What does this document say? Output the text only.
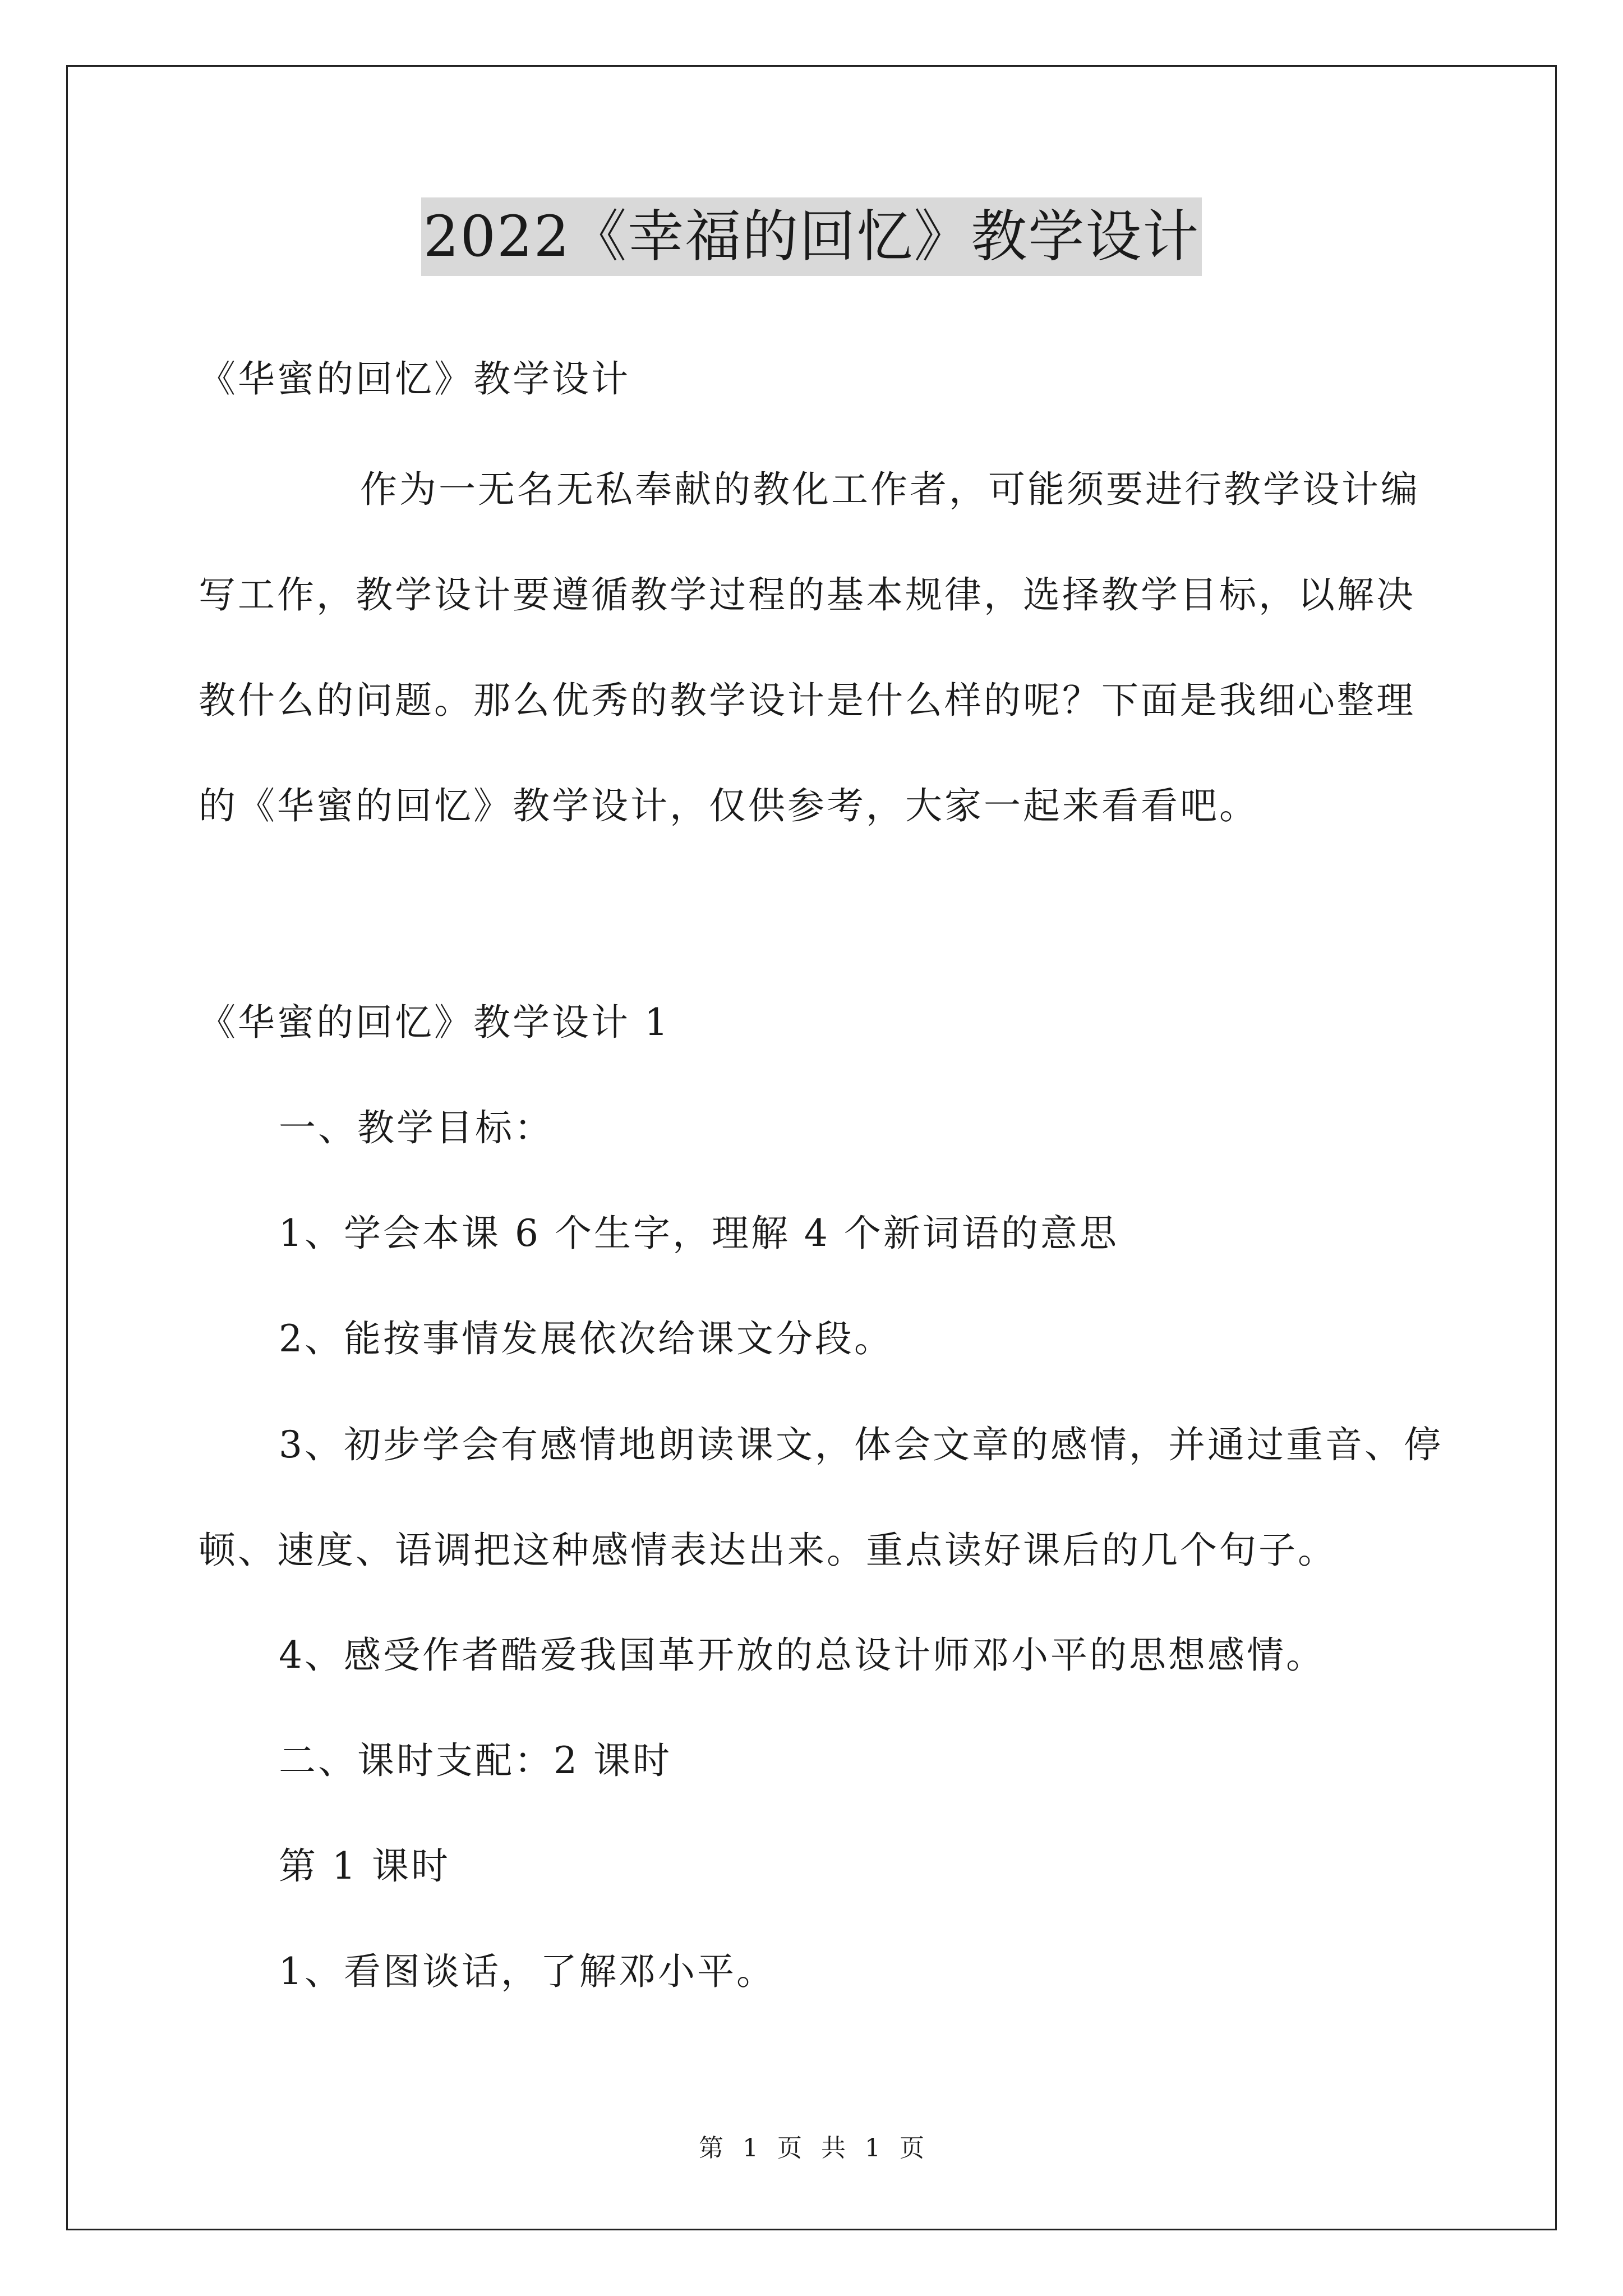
2022《幸福的回忆》教学设计

《华蜜的回忆》教学设计

作为一无名无私奉献的教化工作者，可能须要进行教学设计编写工作，教学设计要遵循教学过程的基本规律，选择教学目标，以解决教什么的问题。那么优秀的教学设计是什么样的呢？下面是我细心整理的《华蜜的回忆》教学设计，仅供参考，大家一起来看看吧。

《华蜜的回忆》教学设计 1

一、教学目标：

1、学会本课 6 个生字，理解 4 个新词语的意思

2、能按事情发展依次给课文分段。

3、初步学会有感情地朗读课文，体会文章的感情，并通过重音、停顿、速度、语调把这种感情表达出来。重点读好课后的几个句子。

4、感受作者酷爱我国革开放的总设计师邓小平的思想感情。

二、课时支配：2 课时

第 1 课时

1、看图谈话，了解邓小平。

第 1 页 共 1 页
